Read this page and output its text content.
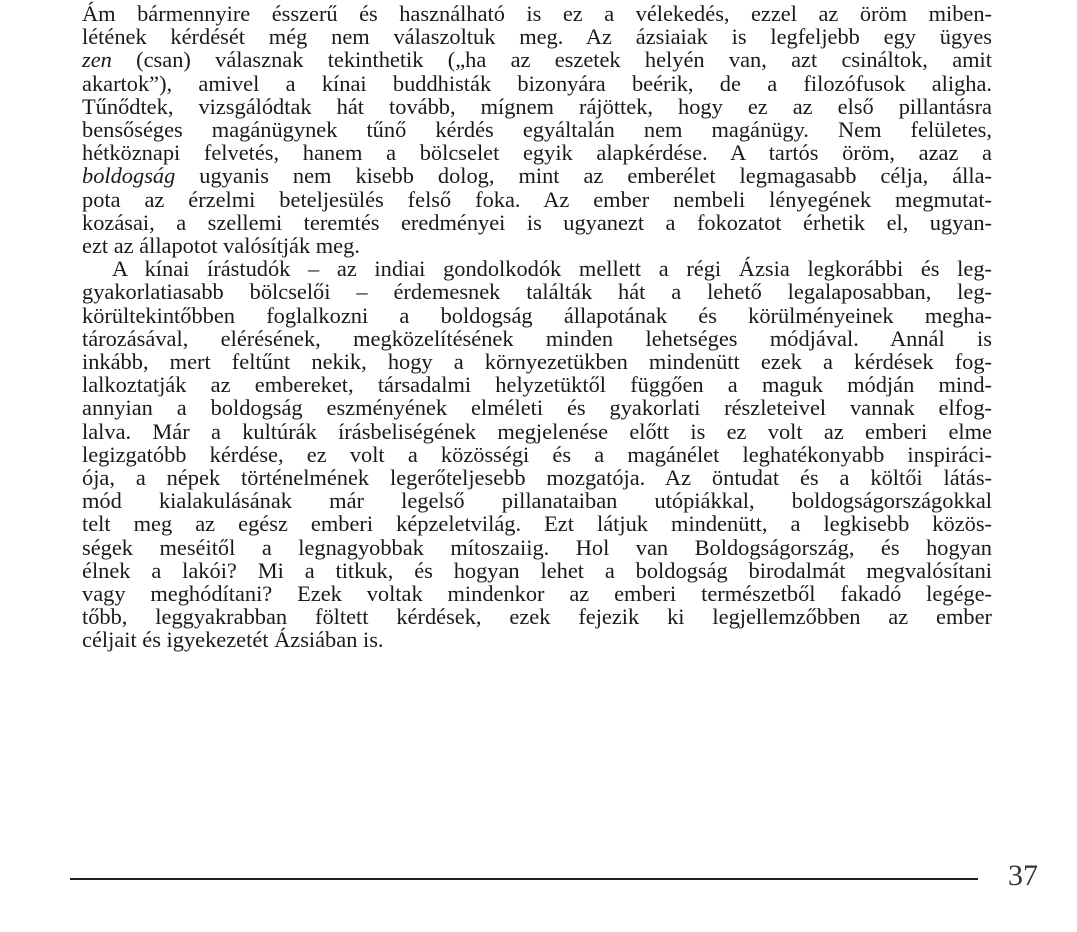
Ám bármennyire ésszerű és használható is ez a vélekedés, ezzel az öröm miben-
létének kérdését még nem válaszoltuk meg. Az ázsiaiak is legfeljebb egy ügyes
zen (csan) válasznak tekinthetik („ha az eszetek helyén van, azt csináltok, amit
akartok”), amivel a kínai buddhisták bizonyára beérik, de a filozófusok aligha.
Tűnődtek, vizsgálódtak hát tovább, mígnem rájöttek, hogy ez az első pillantásra
bensőséges magánügynek tűnő kérdés egyáltalán nem magánügy. Nem felületes,
hétköznapi felvetés, hanem a bölcselet egyik alapkérdése. A tartós öröm, azaz a
boldogság ugyanis nem kisebb dolog, mint az emberélet legmagasabb célja, álla-
pota az érzelmi beteljesülés felső foka. Az ember nembeli lényegének megmutat-
kozásai, a szellemi teremtés eredményei is ugyanezt a fokozatot érhetik el, ugyan-
ezt az állapotot valósítják meg.

A kínai írástudók – az indiai gondolkodók mellett a régi Ázsia legkorábbi és leg-
gyakorlatiasabb bölcselői – érdemesnek találták hát a lehető legalaposabban, leg-
körültekintőbben foglalkozni a boldogság állapotának és körülményeinek megha-
tározásával, elérésének, megközelítésének minden lehetséges módjával. Annál is
inkább, mert feltűnt nekik, hogy a környezetükben mindenütt ezek a kérdések fog-
lalkoztatják az embereket, társadalmi helyzetüktől függően a maguk módján mind-
annyian a boldogság eszményének elméleti és gyakorlati részleteivel vannak elfog-
lalva. Már a kultúrák írásbeliségének megjelenése előtt is ez volt az emberi elme
legizgatóbb kérdése, ez volt a közösségi és a magánélet leghatékonyabb inspiráci-
ója, a népek történelmének legerőteljesebb mozgatója. Az öntudat és a költői látás-
mód kialakulásának már legelső pillanataiban utópiákkal, boldogságországokkal
telt meg az egész emberi képzeletvilág. Ezt látjuk mindenütt, a legkisebb közös-
ségek meséitől a legnagyobbak mítoszaiig. Hol van Boldogságország, és hogyan
élnek a lakói? Mi a titkuk, és hogyan lehet a boldogság birodalmát megvalósítani
vagy meghódítani? Ezek voltak mindenkor az emberi természetből fakadó legége-
tőbb, leggyakrabban föltett kérdések, ezek fejezik ki legjellemzőbben az ember
céljait és igyekezetét Ázsiában is.

37
